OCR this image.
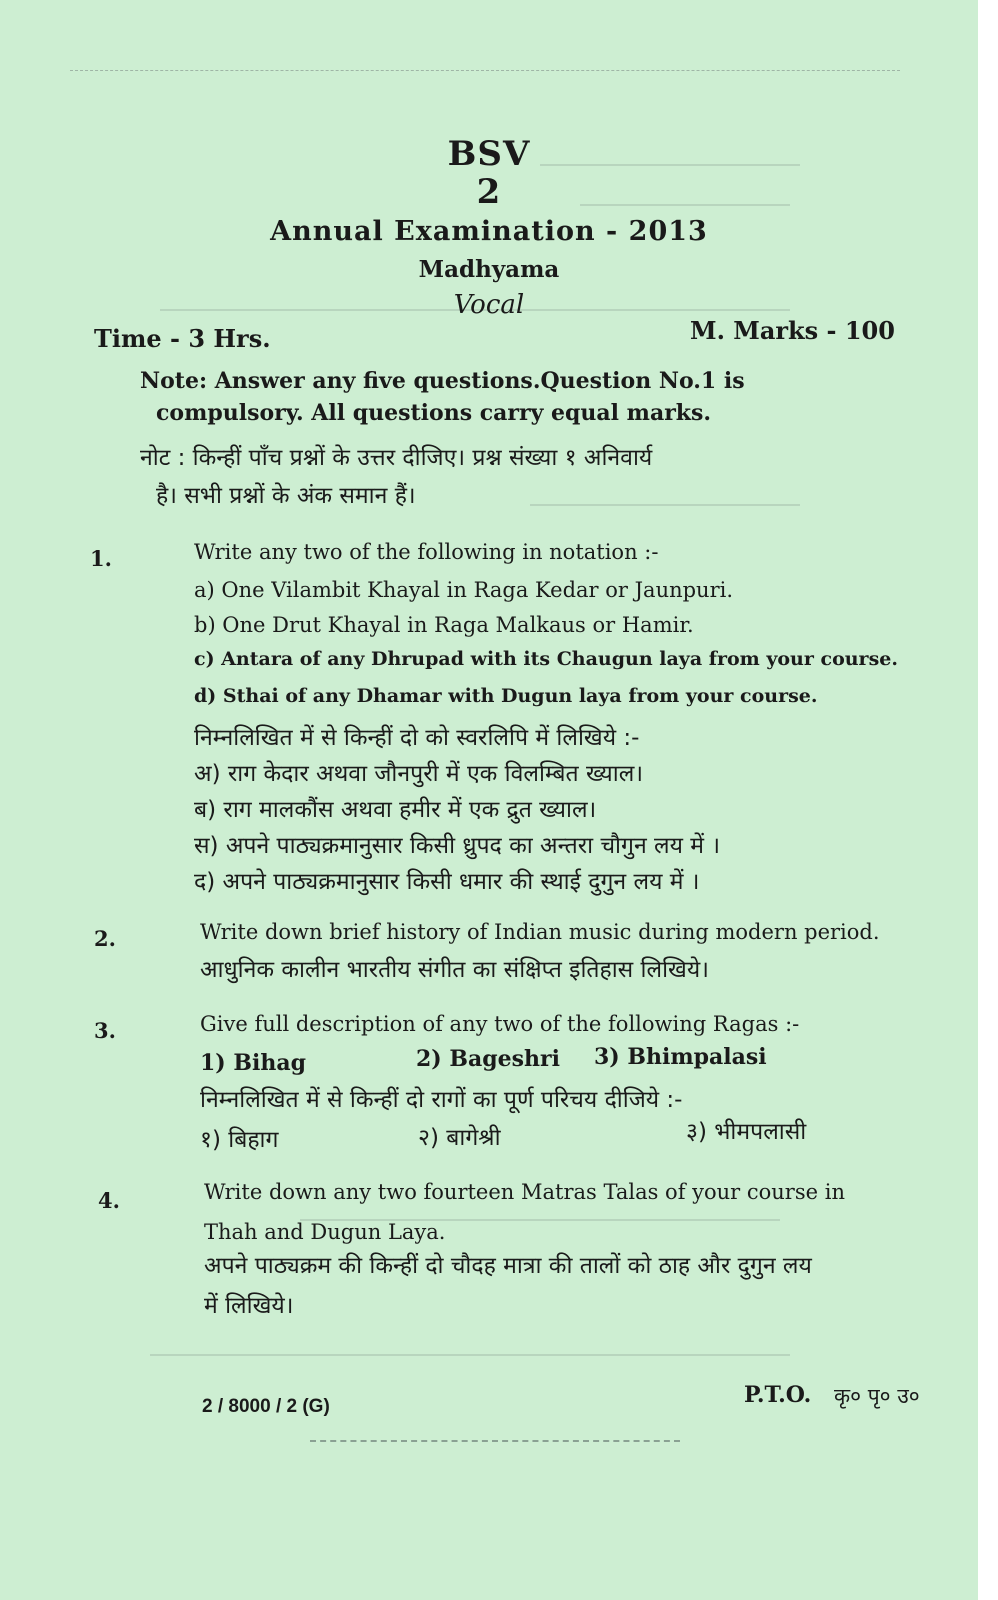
BSV
2
Annual Examination - 2013
Madhyama
Vocal
Time - 3 Hrs.	M. Marks - 100
Note: Answer any five questions.Question No.1 is
compulsory. All questions carry equal marks.
नोट : किन्हीं पाँच प्रश्नों के उत्तर दीजिए। प्रश्न संख्या १ अनिवार्य
है। सभी प्रश्नों के अंक समान हैं।
1.	Write any two of the following in notation :-
a) One Vilambit Khayal in Raga Kedar or Jaunpuri.
b) One Drut Khayal in Raga Malkaus or Hamir.
c) Antara of any Dhrupad with its Chaugun laya from your course.
d) Sthai of any Dhamar with Dugun laya from your course.
निम्नलिखित में से किन्हीं दो को स्वरलिपि में लिखिये :-
अ) राग केदार अथवा जौनपुरी में एक विलम्बित ख्याल।
ब) राग मालकौंस अथवा हमीर में एक द्रुत ख्याल।
स) अपने पाठ्यक्रमानुसार किसी ध्रुपद का अन्तरा चौगुन लय में ।
द) अपने पाठ्यक्रमानुसार किसी धमार की स्थाई दुगुन लय में ।
2.	Write down brief history of Indian music during modern period.
आधुनिक कालीन भारतीय संगीत का संक्षिप्त इतिहास लिखिये।
3.	Give full description of any two of the following Ragas :-
1) Bihag	2) Bageshri 3) Bhimpalasi
निम्नलिखित में से किन्हीं दो रागों का पूर्ण परिचय दीजिये :-
१) बिहाग	२) बागेश्री	३) भीमपलासी
4.	Write down any two fourteen Matras Talas of your course in
Thah and Dugun Laya.
अपने पाठ्यक्रम की किन्हीं दो चौदह मात्रा की तालों को ठाह और दुगुन लय
में लिखिये।
2 / 8000 / 2 (G)	P.T.O. कृ० पृ० उ०
